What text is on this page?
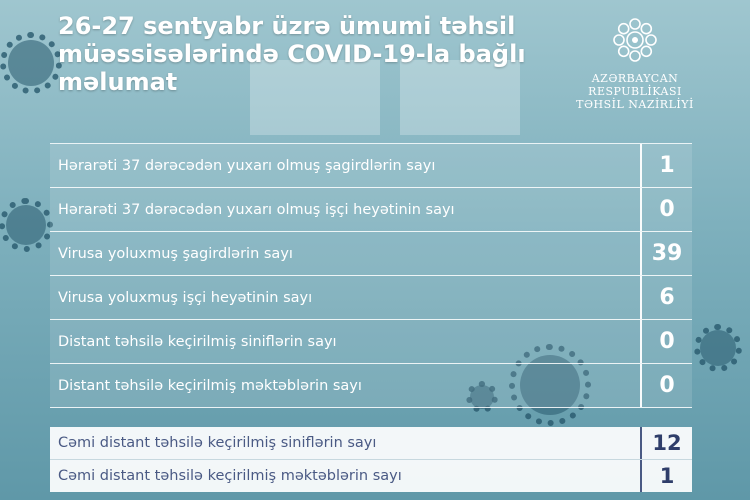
26-27 sentyabr üzrə ümumi təhsil
müəssisələrində COVID-19-la bağlı
məlumat	AZƏRBAYCAN RESPUBLİKASI
TƏHSİL NAZİRLİYİ
Hərarəti 37 dərəcədən yuxarı olmuş şagirdlərin sayı	1
Hərarəti 37 dərəcədən yuxarı olmuş işçi heyətinin sayı	0
Virusa yoluxmuş şagirdlərin sayı	39
Virusa yoluxmuş işçi heyətinin sayı	6
Distant təhsilə keçirilmiş siniflərin sayı	0
Distant təhsilə keçirilmiş məktəblərin sayı	0
Cəmi distant təhsilə keçirilmiş siniflərin sayı	12
Cəmi distant təhsilə keçirilmiş məktəblərin sayı	1
